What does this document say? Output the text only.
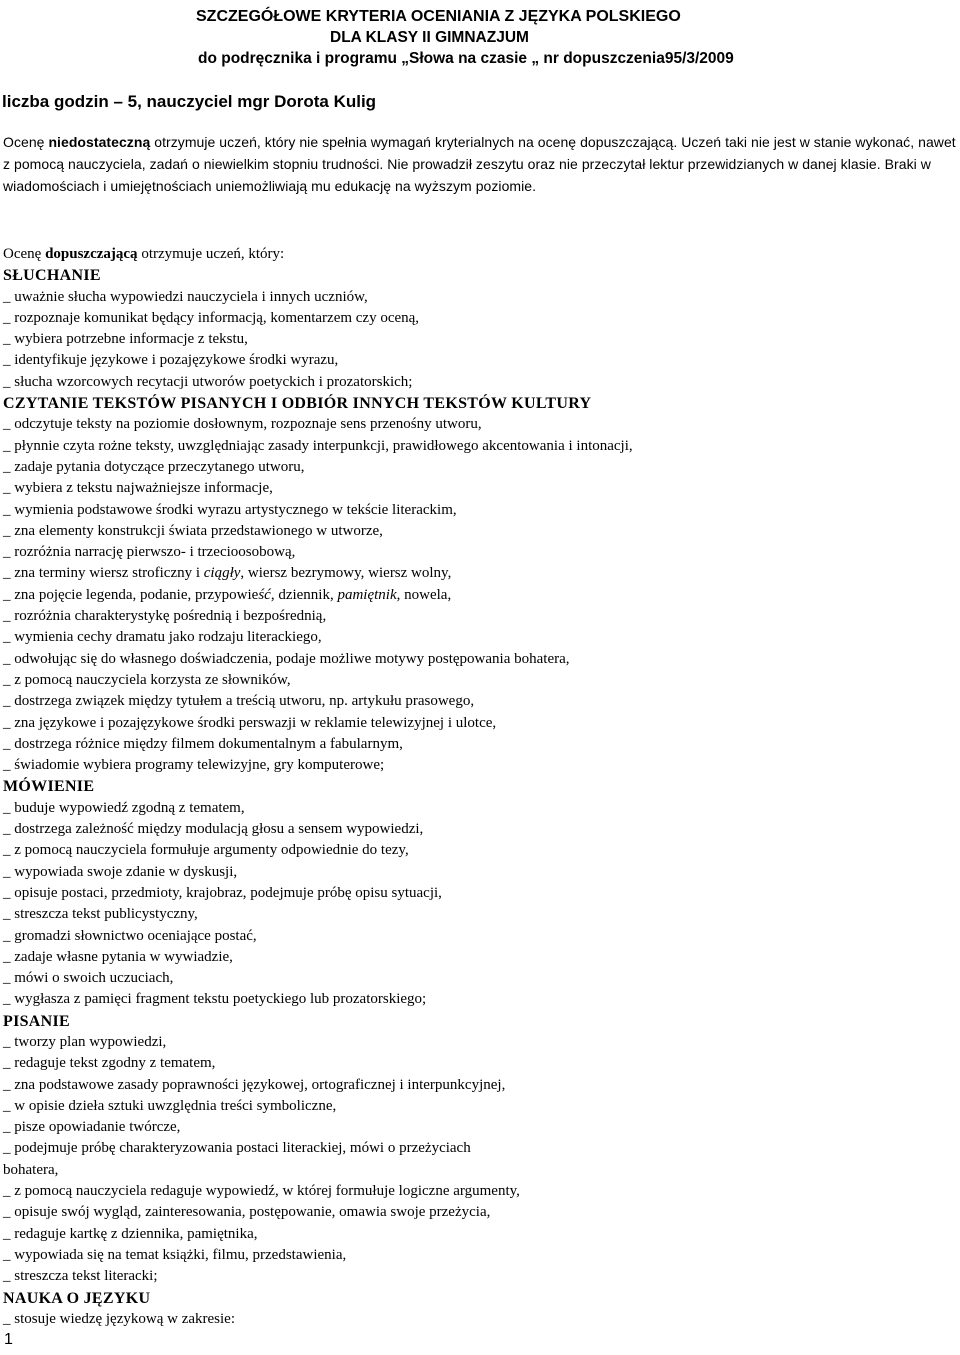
SZCZEGÓŁOWE KRYTERIA OCENIANIA Z JĘZYKA POLSKIEGO
DLA KLASY II GIMNAZJUM
do podręcznika i programu „Słowa na czasie „ nr dopuszczenia95/3/2009
liczba godzin – 5, nauczyciel mgr Dorota Kulig
Ocenę niedostateczną otrzymuje uczeń, który nie spełnia wymagań kryterialnych na ocenę dopuszczającą. Uczeń taki nie jest w stanie wykonać, nawet z pomocą nauczyciela, zadań o niewielkim stopniu trudności. Nie prowadził zeszytu oraz nie przeczytał lektur przewidzianych w danej klasie. Braki w wiadomościach i umiejętnościach uniemożliwiają mu edukację na wyższym poziomie.
Ocenę dopuszczającą otrzymuje uczeń, który:
SŁUCHANIE
_ uważnie słucha wypowiedzi nauczyciela i innych uczniów,
_ rozpoznaje komunikat będący informacją, komentarzem czy oceną,
_ wybiera potrzebne informacje z tekstu,
_ identyfikuje językowe i pozajęzykowe środki wyrazu,
_ słucha wzorcowych recytacji utworów poetyckich i prozatorskich;
CZYTANIE TEKSTÓW PISANYCH I ODBIÓR INNYCH TEKSTÓW KULTURY
_ odczytuje teksty na poziomie dosłownym, rozpoznaje sens przenośny utworu,
_ płynnie czyta rożne teksty, uwzględniając zasady interpunkcji, prawidłowego akcentowania i intonacji,
_ zadaje pytania dotyczące przeczytanego utworu,
_ wybiera z tekstu najważniejsze informacje,
_ wymienia podstawowe środki wyrazu artystycznego w tekście literackim,
_ zna elementy konstrukcji świata przedstawionego w utworze,
_ rozróżnia narrację pierwszo- i trzecioosobową,
_ zna terminy wiersz stroficzny i ciągły, wiersz bezrymowy, wiersz wolny,
_ zna pojęcie legenda, podanie, przypowieść, dziennik, pamiętnik, nowela,
_ rozróżnia charakterystykę pośrednią i bezpośrednią,
_ wymienia cechy dramatu jako rodzaju literackiego,
_ odwołując się do własnego doświadczenia, podaje możliwe motywy postępowania bohatera,
_ z pomocą nauczyciela korzysta ze słowników,
_ dostrzega związek między tytułem a treścią utworu, np. artykułu prasowego,
_ zna językowe i pozajęzykowe środki perswazji w reklamie telewizyjnej i ulotce,
_ dostrzega różnice między filmem dokumentalnym a fabularnym,
_ świadomie wybiera programy telewizyjne, gry komputerowe;
MÓWIENIE
_ buduje wypowiedź zgodną z tematem,
_ dostrzega zależność między modulacją głosu a sensem wypowiedzi,
_ z pomocą nauczyciela formułuje argumenty odpowiednie do tezy,
_ wypowiada swoje zdanie w dyskusji,
_ opisuje postaci, przedmioty, krajobraz, podejmuje próbę opisu sytuacji,
_ streszcza tekst publicystyczny,
_ gromadzi słownictwo oceniające postać,
_ zadaje własne pytania w wywiadzie,
_ mówi o swoich uczuciach,
_ wygłasza z pamięci fragment tekstu poetyckiego lub prozatorskiego;
PISANIE
_ tworzy plan wypowiedzi,
_ redaguje tekst zgodny z tematem,
_ zna podstawowe zasady poprawności językowej, ortograficznej i interpunkcyjnej,
_ w opisie dzieła sztuki uwzględnia treści symboliczne,
_ pisze opowiadanie twórcze,
_ podejmuje próbę charakteryzowania postaci literackiej, mówi o przeżyciach
bohatera,
_ z pomocą nauczyciela redaguje wypowiedź, w której formułuje logiczne argumenty,
_ opisuje swój wygląd, zainteresowania, postępowanie, omawia swoje przeżycia,
_ redaguje kartkę z dziennika, pamiętnika,
_ wypowiada się na temat książki, filmu, przedstawienia,
_ streszcza tekst literacki;
NAUKA O JĘZYKU
_ stosuje wiedzę językową w zakresie:
1
